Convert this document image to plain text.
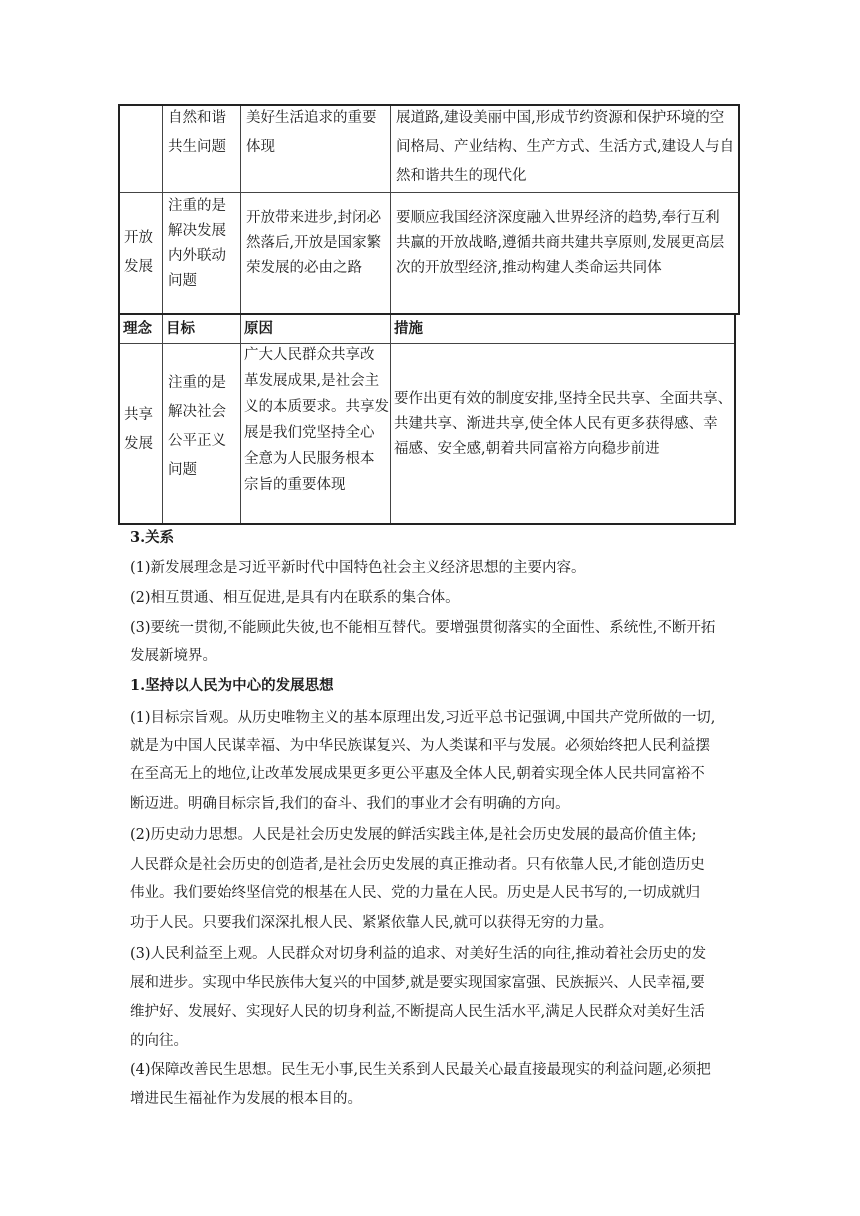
自然和谐
共生问题
美好生活追求的重要
体现
展道路,建设美丽中国,形成节约资源和保护环境的空
间格局、产业结构、生产方式、生活方式,建设人与自
然和谐共生的现代化
开放
发展
注重的是
解决发展
内外联动
问题
开放带来进步,封闭必
然落后,开放是国家繁
荣发展的必由之路
要顺应我国经济深度融入世界经济的趋势,奉行互利
共赢的开放战略,遵循共商共建共享原则,发展更高层
次的开放型经济,推动构建人类命运共同体
理念 目标	原因	措施
共享
发展
注重的是
解决社会
公平正义
问题
广大人民群众共享改
革发展成果,是社会主
义的本质要求。共享发
展是我们党坚持全心
全意为人民服务根本
宗旨的重要体现
要作出更有效的制度安排,坚持全民共享、全面共享、
共建共享、渐进共享,使全体人民有更多获得感、幸
福感、安全感,朝着共同富裕方向稳步前进
3.关系
(1)新发展理念是习近平新时代中国特色社会主义经济思想的主要内容。
(2)相互贯通、相互促进,是具有内在联系的集合体。
(3)要统一贯彻,不能顾此失彼,也不能相互替代。要增强贯彻落实的全面性、系统性,不断开拓
发展新境界。
1.坚持以人民为中心的发展思想
(1)目标宗旨观。从历史唯物主义的基本原理出发,习近平总书记强调,中国共产党所做的一切,
就是为中国人民谋幸福、为中华民族谋复兴、为人类谋和平与发展。必须始终把人民利益摆
在至高无上的地位,让改革发展成果更多更公平惠及全体人民,朝着实现全体人民共同富裕不
断迈进。明确目标宗旨,我们的奋斗、我们的事业才会有明确的方向。
(2)历史动力思想。人民是社会历史发展的鲜活实践主体,是社会历史发展的最高价值主体;
人民群众是社会历史的创造者,是社会历史发展的真正推动者。只有依靠人民,才能创造历史
伟业。我们要始终坚信党的根基在人民、党的力量在人民。历史是人民书写的,一切成就归
功于人民。只要我们深深扎根人民、紧紧依靠人民,就可以获得无穷的力量。
(3)人民利益至上观。人民群众对切身利益的追求、对美好生活的向往,推动着社会历史的发
展和进步。实现中华民族伟大复兴的中国梦,就是要实现国家富强、民族振兴、人民幸福,要
维护好、发展好、实现好人民的切身利益,不断提高人民生活水平,满足人民群众对美好生活
的向往。
(4)保障改善民生思想。民生无小事,民生关系到人民最关心最直接最现实的利益问题,必须把
增进民生福祉作为发展的根本目的。
